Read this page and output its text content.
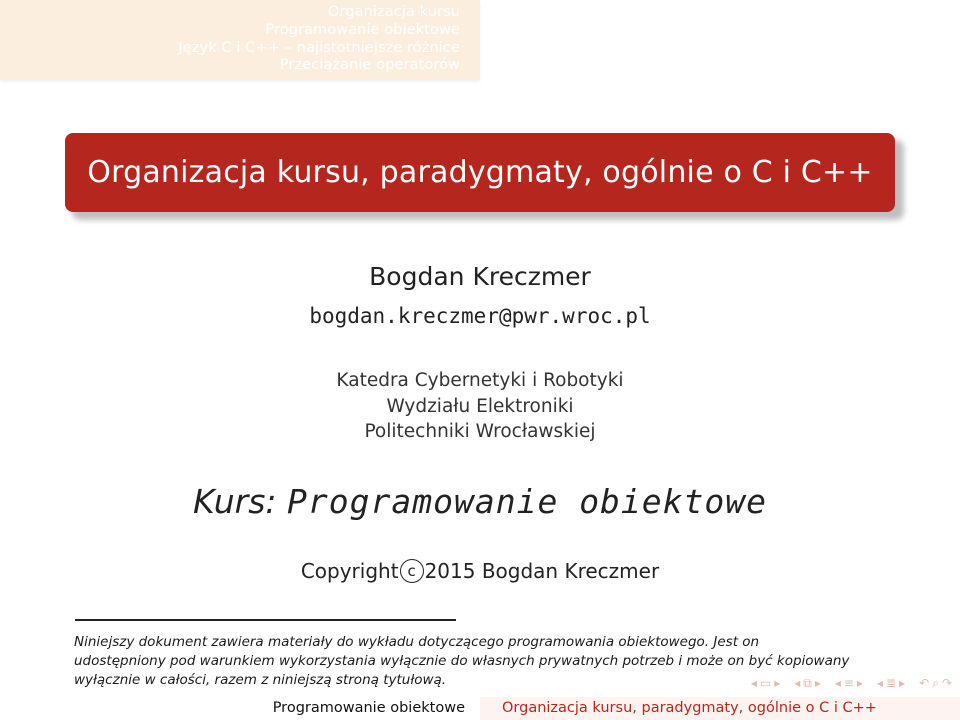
Organizacja kursu
Programowanie obiektowe
Język C i C++ – najistotniejsze różnice
Przeciążanie operatorów
Organizacja kursu, paradygmaty, ogólnie o C i C++
Bogdan Kreczmer
bogdan.kreczmer@pwr.wroc.pl
Katedra Cybernetyki i Robotyki
Wydziału Elektroniki
Politechniki Wrocławskiej
Kurs: Programowanie obiektowe
Copyright c 2015 Bogdan Kreczmer
Niniejszy dokument zawiera materiały do wykładu dotyczącego programowania obiektowego. Jest on
udostępniony pod warunkiem wykorzystania wyłącznie do własnych prywatnych potrzeb i może on być kopiowany
wyłącznie w całości, razem z niniejszą stroną tytułową.	◂ ▭ ▸ ◂ ⧉ ▸ ◂ ≡ ▸ ◂ ≣ ▸ ↶ ⌕ ↷
Programowanie obiektowe	Organizacja kursu, paradygmaty, ogólnie o C i C++
